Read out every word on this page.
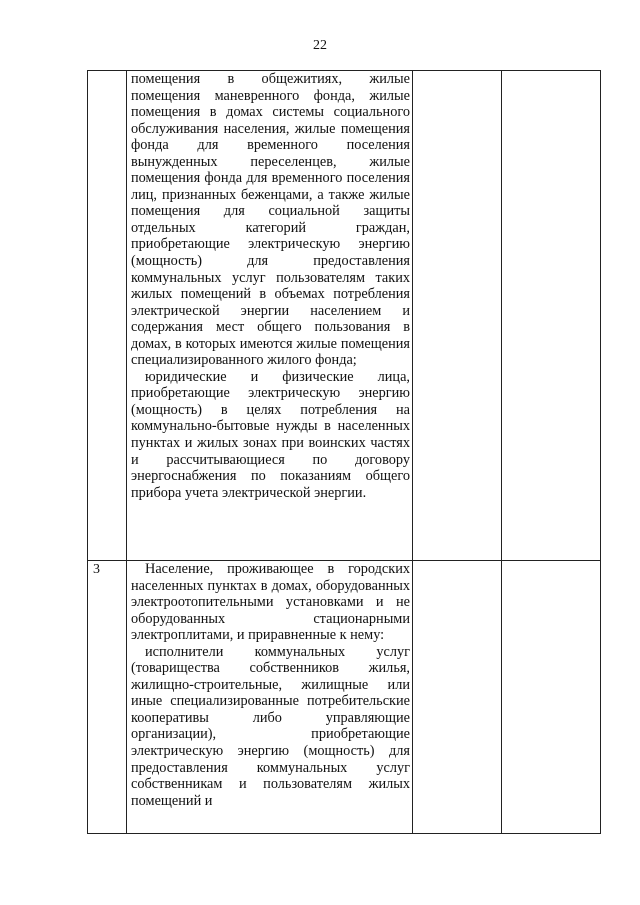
22

	помещения в общежитиях, жилые помещения маневренного фонда, жилые помещения в домах системы социального обслуживания населения, жилые помещения фонда для временного поселения вынужденных переселенцев, жилые помещения фонда для временного поселения лиц, признанных беженцами, а также жилые помещения для социальной защиты отдельных категорий граждан, приобретающие электрическую энергию (мощность) для предоставления коммунальных услуг пользователям таких жилых помещений в объемах потребления электрической энергии населением и содержания мест общего пользования в домах, в которых имеются жилые помещения специализированного жилого фонда;

юридические и физические лица, приобретающие электрическую энергию (мощность) в целях потребления на коммунально-бытовые нужды в населенных пунктах и жилых зонах при воинских частях и рассчитывающиеся по договору энергоснабжения по показаниям общего прибора учета электрической энергии.		

3	Население, проживающее в городских населенных пунктах в домах, оборудованных электроотопительными установками и не оборудованных стационарными электроплитами, и приравненные к нему:

исполнители коммунальных услуг (товарищества собственников жилья, жилищно-строительные, жилищные или иные специализированные потребительские кооперативы либо управляющие организации), приобретающие электрическую энергию (мощность) для предоставления коммунальных услуг собственникам и пользователям жилых помещений и		
